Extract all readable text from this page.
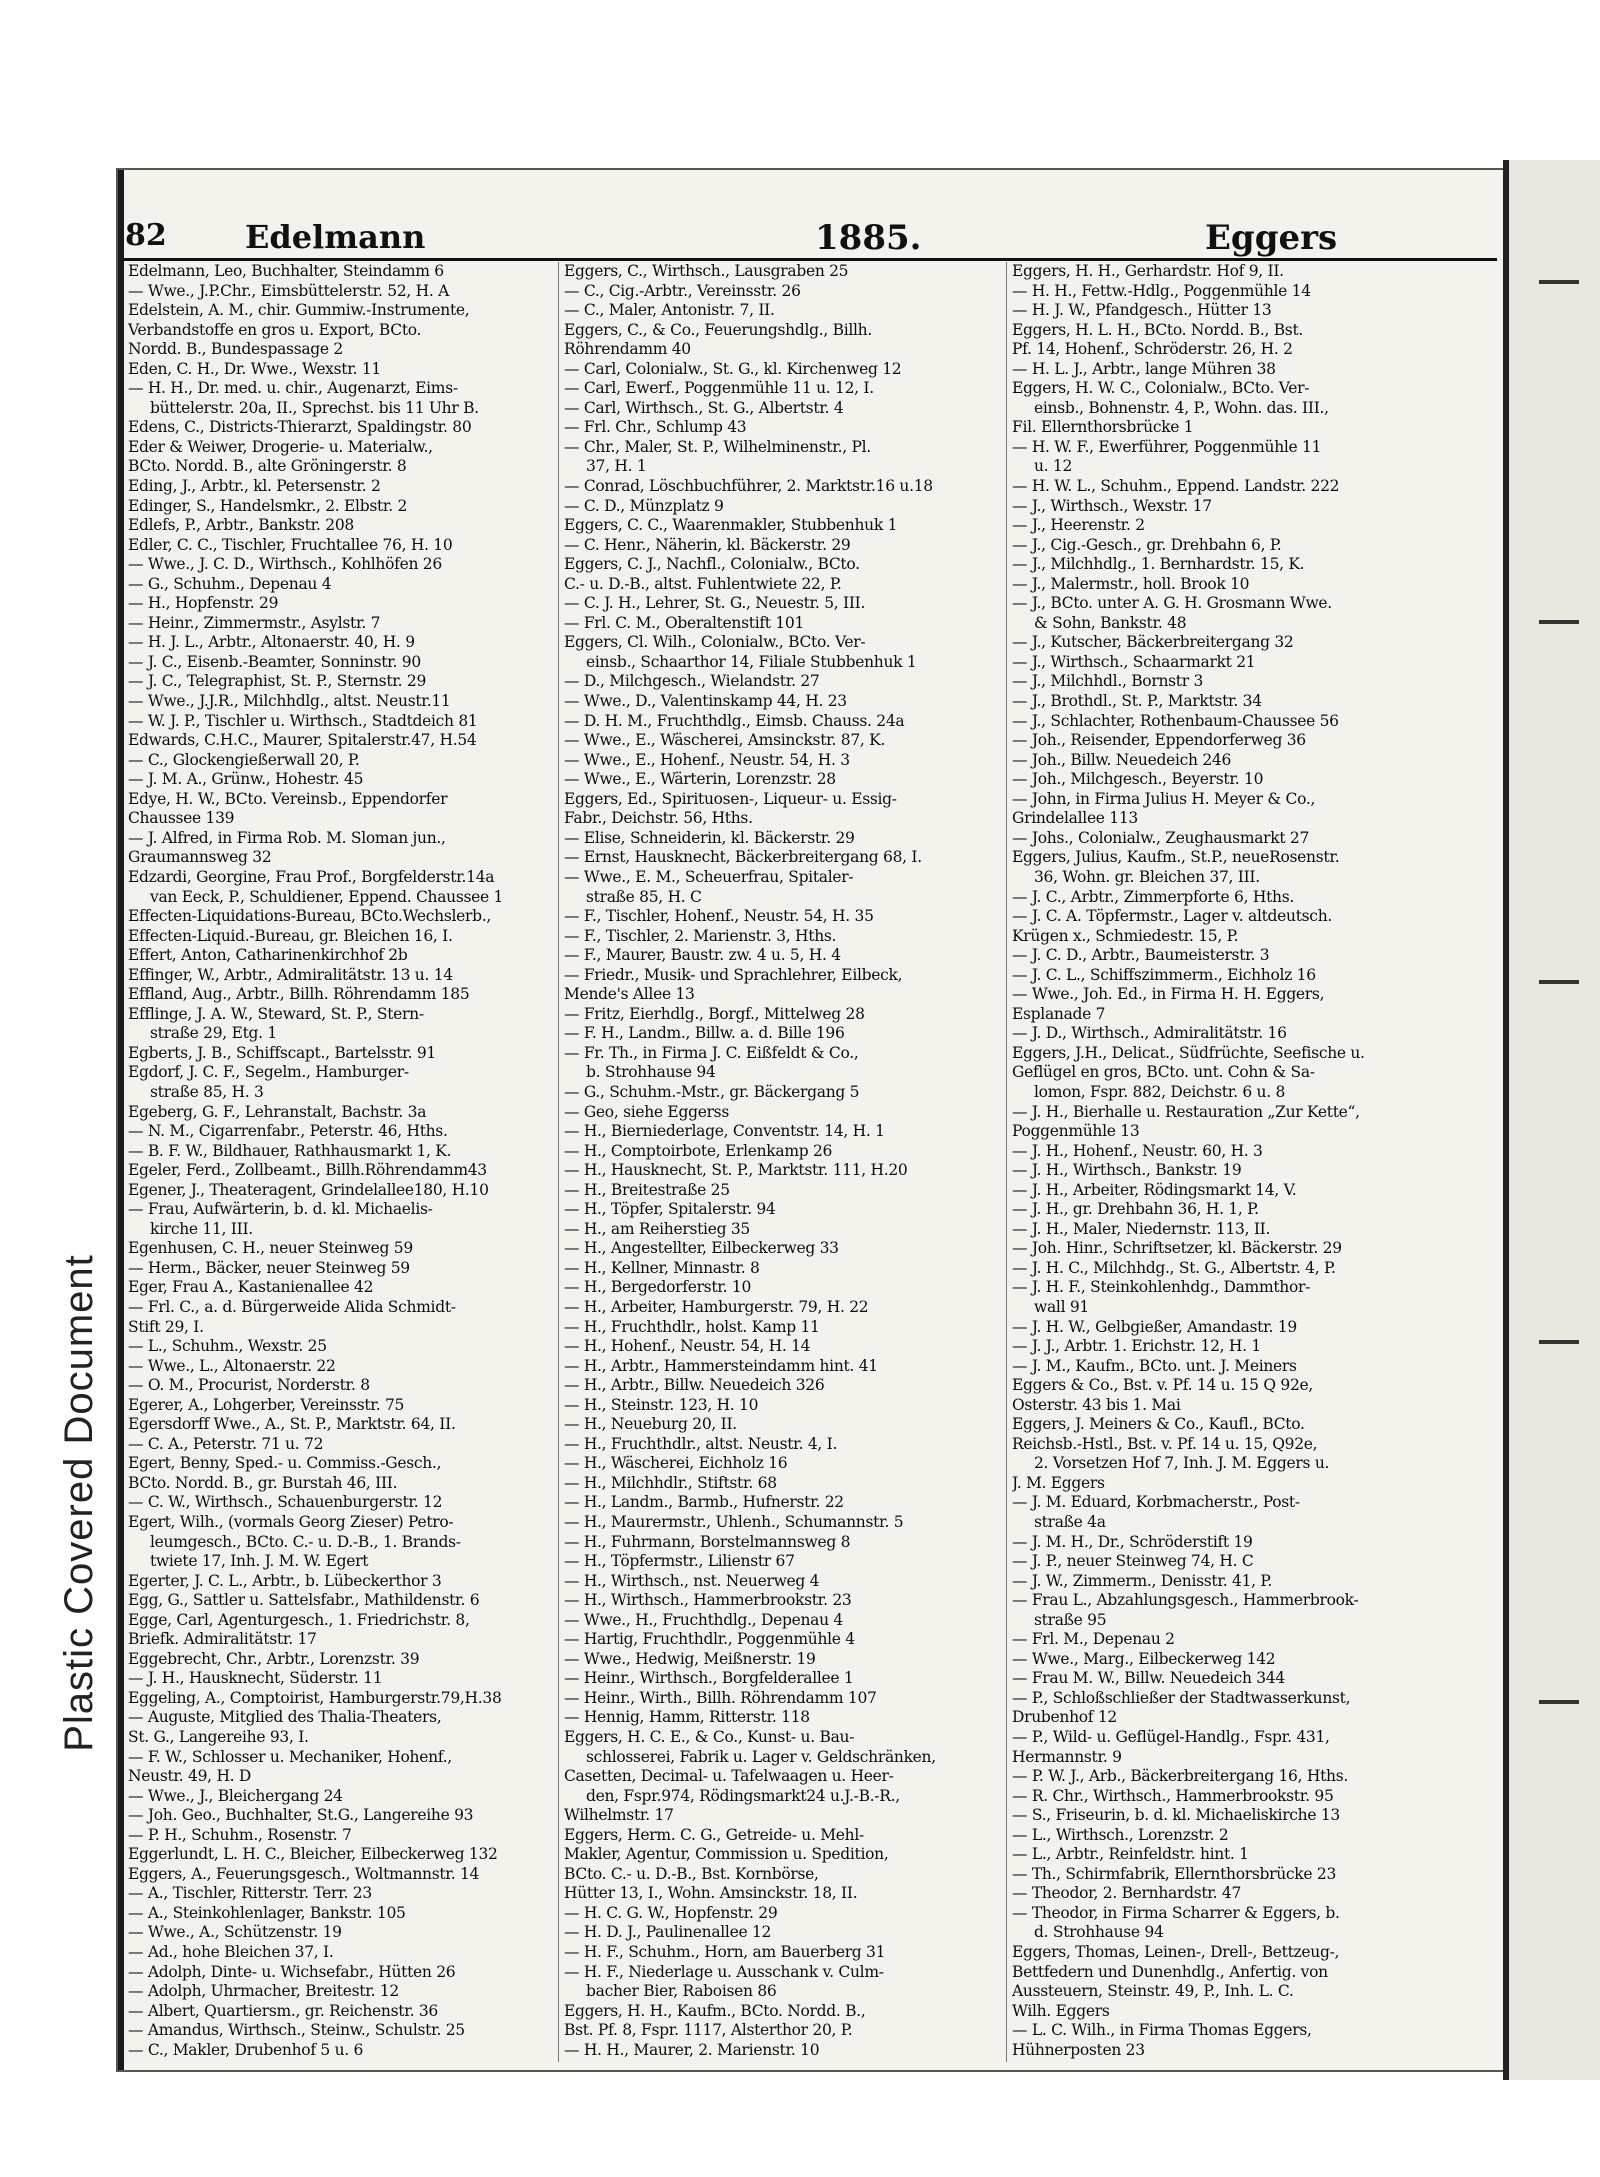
Plastic Covered Document
82 Edelmann	1885.	Eggers
Edelmann, Leo, Buchhalter, Steindamm 6
— Wwe., J.P.Chr., Eimsbüttelerstr. 52, H. A
Edelstein, A. M., chir. Gummiw.-Instrumente,
Verbandstoffe en gros u. Export, BCto.
Nordd. B., Bundespassage 2
Eden, C. H., Dr. Wwe., Wexstr. 11
— H. H., Dr. med. u. chir., Augenarzt, Eims-
büttelerstr. 20a, II., Sprechst. bis 11 Uhr B.
Edens, C., Districts-Thierarzt, Spaldingstr. 80
Eder & Weiwer, Drogerie- u. Materialw.,
BCto. Nordd. B., alte Gröningerstr. 8
Eding, J., Arbtr., kl. Petersenstr. 2
Edinger, S., Handelsmkr., 2. Elbstr. 2
Edlefs, P., Arbtr., Bankstr. 208
Edler, C. C., Tischler, Fruchtallee 76, H. 10
— Wwe., J. C. D., Wirthsch., Kohlhöfen 26
— G., Schuhm., Depenau 4
— H., Hopfenstr. 29
— Heinr., Zimmermstr., Asylstr. 7
— H. J. L., Arbtr., Altonaerstr. 40, H. 9
— J. C., Eisenb.-Beamter, Sonninstr. 90
— J. C., Telegraphist, St. P., Sternstr. 29
— Wwe., J.J.R., Milchhdlg., altst. Neustr.11
— W. J. P., Tischler u. Wirthsch., Stadtdeich 81
Edwards, C.H.C., Maurer, Spitalerstr.47, H.54
— C., Glockengießerwall 20, P.
— J. M. A., Grünw., Hohestr. 45
Edye, H. W., BCto. Vereinsb., Eppendorfer
Chaussee 139
— J. Alfred, in Firma Rob. M. Sloman jun.,
Graumannsweg 32
Edzardi, Georgine, Frau Prof., Borgfelderstr.14a
van Eeck, P., Schuldiener, Eppend. Chaussee 1
Effecten-Liquidations-Bureau, BCto.Wechslerb.,
Effecten-Liquid.-Bureau, gr. Bleichen 16, I.
Effert, Anton, Catharinenkirchhof 2b
Effinger, W., Arbtr., Admiralitätstr. 13 u. 14
Effland, Aug., Arbtr., Billh. Röhrendamm 185
Efflinge, J. A. W., Steward, St. P., Stern-
straße 29, Etg. 1
Egberts, J. B., Schiffscapt., Bartelsstr. 91
Egdorf, J. C. F., Segelm., Hamburger-
straße 85, H. 3
Egeberg, G. F., Lehranstalt, Bachstr. 3a
— N. M., Cigarrenfabr., Peterstr. 46, Hths.
— B. F. W., Bildhauer, Rathhausmarkt 1, K.
Egeler, Ferd., Zollbeamt., Billh.Röhrendamm43
Egener, J., Theateragent, Grindelallee180, H.10
— Frau, Aufwärterin, b. d. kl. Michaelis-
kirche 11, III.
Egenhusen, C. H., neuer Steinweg 59
— Herm., Bäcker, neuer Steinweg 59
Eger, Frau A., Kastanienallee 42
— Frl. C., a. d. Bürgerweide Alida Schmidt-
Stift 29, I.
— L., Schuhm., Wexstr. 25
— Wwe., L., Altonaerstr. 22
— O. M., Procurist, Norderstr. 8
Egerer, A., Lohgerber, Vereinsstr. 75
Egersdorff Wwe., A., St. P., Marktstr. 64, II.
— C. A., Peterstr. 71 u. 72
Egert, Benny, Sped.- u. Commiss.-Gesch.,
BCto. Nordd. B., gr. Burstah 46, III.
— C. W., Wirthsch., Schauenburgerstr. 12
Egert, Wilh., (vormals Georg Zieser) Petro-
leumgesch., BCto. C.- u. D.-B., 1. Brands-
twiete 17, Inh. J. M. W. Egert
Egerter, J. C. L., Arbtr., b. Lübeckerthor 3
Egg, G., Sattler u. Sattelsfabr., Mathildenstr. 6
Egge, Carl, Agenturgesch., 1. Friedrichstr. 8,
Briefk. Admiralitätstr. 17
Eggebrecht, Chr., Arbtr., Lorenzstr. 39
— J. H., Hausknecht, Süderstr. 11
Eggeling, A., Comptoirist, Hamburgerstr.79,H.38
— Auguste, Mitglied des Thalia-Theaters,
St. G., Langereihe 93, I.
— F. W., Schlosser u. Mechaniker, Hohenf.,
Neustr. 49, H. D
— Wwe., J., Bleichergang 24
— Joh. Geo., Buchhalter, St.G., Langereihe 93
— P. H., Schuhm., Rosenstr. 7
Eggerlundt, L. H. C., Bleicher, Eilbeckerweg 132
Eggers, A., Feuerungsgesch., Woltmannstr. 14
— A., Tischler, Ritterstr. Terr. 23
— A., Steinkohlenlager, Bankstr. 105
— Wwe., A., Schützenstr. 19
— Ad., hohe Bleichen 37, I.
— Adolph, Dinte- u. Wichsefabr., Hütten 26
— Adolph, Uhrmacher, Breitestr. 12
— Albert, Quartiersm., gr. Reichenstr. 36
— Amandus, Wirthsch., Steinw., Schulstr. 25
— C., Makler, Drubenhof 5 u. 6
Eggers, C., Wirthsch., Lausgraben 25
— C., Cig.-Arbtr., Vereinsstr. 26
— C., Maler, Antonistr. 7, II.
Eggers, C., & Co., Feuerungshdlg., Billh.
Röhrendamm 40
— Carl, Colonialw., St. G., kl. Kirchenweg 12
— Carl, Ewerf., Poggenmühle 11 u. 12, I.
— Carl, Wirthsch., St. G., Albertstr. 4
— Frl. Chr., Schlump 43
— Chr., Maler, St. P., Wilhelminenstr., Pl.
37, H. 1
— Conrad, Löschbuchführer, 2. Marktstr.16 u.18
— C. D., Münzplatz 9
Eggers, C. C., Waarenmakler, Stubbenhuk 1
— C. Henr., Näherin, kl. Bäckerstr. 29
Eggers, C. J., Nachfl., Colonialw., BCto.
C.- u. D.-B., altst. Fuhlentwiete 22, P.
— C. J. H., Lehrer, St. G., Neuestr. 5, III.
— Frl. C. M., Oberaltenstift 101
Eggers, Cl. Wilh., Colonialw., BCto. Ver-
einsb., Schaarthor 14, Filiale Stubbenhuk 1
— D., Milchgesch., Wielandstr. 27
— Wwe., D., Valentinskamp 44, H. 23
— D. H. M., Fruchthdlg., Eimsb. Chauss. 24a
— Wwe., E., Wäscherei, Amsinckstr. 87, K.
— Wwe., E., Hohenf., Neustr. 54, H. 3
— Wwe., E., Wärterin, Lorenzstr. 28
Eggers, Ed., Spirituosen-, Liqueur- u. Essig-
Fabr., Deichstr. 56, Hths.
— Elise, Schneiderin, kl. Bäckerstr. 29
— Ernst, Hausknecht, Bäckerbreitergang 68, I.
— Wwe., E. M., Scheuerfrau, Spitaler-
straße 85, H. C
— F., Tischler, Hohenf., Neustr. 54, H. 35
— F., Tischler, 2. Marienstr. 3, Hths.
— F., Maurer, Baustr. zw. 4 u. 5, H. 4
— Friedr., Musik- und Sprachlehrer, Eilbeck,
Mende's Allee 13
— Fritz, Eierhdlg., Borgf., Mittelweg 28
— F. H., Landm., Billw. a. d. Bille 196
— Fr. Th., in Firma J. C. Eißfeldt & Co.,
b. Strohhause 94
— G., Schuhm.-Mstr., gr. Bäckergang 5
— Geo, siehe Eggerss
— H., Bierniederlage, Conventstr. 14, H. 1
— H., Comptoirbote, Erlenkamp 26
— H., Hausknecht, St. P., Marktstr. 111, H.20
— H., Breitestraße 25
— H., Töpfer, Spitalerstr. 94
— H., am Reiherstieg 35
— H., Angestellter, Eilbeckerweg 33
— H., Kellner, Minnastr. 8
— H., Bergedorferstr. 10
— H., Arbeiter, Hamburgerstr. 79, H. 22
— H., Fruchthdlr., holst. Kamp 11
— H., Hohenf., Neustr. 54, H. 14
— H., Arbtr., Hammersteindamm hint. 41
— H., Arbtr., Billw. Neuedeich 326
— H., Steinstr. 123, H. 10
— H., Neueburg 20, II.
— H., Fruchthdlr., altst. Neustr. 4, I.
— H., Wäscherei, Eichholz 16
— H., Milchhdlr., Stiftstr. 68
— H., Landm., Barmb., Hufnerstr. 22
— H., Maurermstr., Uhlenh., Schumannstr. 5
— H., Fuhrmann, Borstelmannsweg 8
— H., Töpfermstr., Lilienstr 67
— H., Wirthsch., nst. Neuerweg 4
— H., Wirthsch., Hammerbrookstr. 23
— Wwe., H., Fruchthdlg., Depenau 4
— Hartig, Fruchthdlr., Poggenmühle 4
— Wwe., Hedwig, Meißnerstr. 19
— Heinr., Wirthsch., Borgfelderallee 1
— Heinr., Wirth., Billh. Röhrendamm 107
— Hennig, Hamm, Ritterstr. 118
Eggers, H. C. E., & Co., Kunst- u. Bau-
schlosserei, Fabrik u. Lager v. Geldschränken,
Casetten, Decimal- u. Tafelwaagen u. Heer-
den, Fspr.974, Rödingsmarkt24 u.J.-B.-R.,
Wilhelmstr. 17
Eggers, Herm. C. G., Getreide- u. Mehl-
Makler, Agentur, Commission u. Spedition,
BCto. C.- u. D.-B., Bst. Kornbörse,
Hütter 13, I., Wohn. Amsinckstr. 18, II.
— H. C. G. W., Hopfenstr. 29
— H. D. J., Paulinenallee 12
— H. F., Schuhm., Horn, am Bauerberg 31
— H. F., Niederlage u. Ausschank v. Culm-
bacher Bier, Raboisen 86
Eggers, H. H., Kaufm., BCto. Nordd. B.,
Bst. Pf. 8, Fspr. 1117, Alsterthor 20, P.
— H. H., Maurer, 2. Marienstr. 10
Eggers, H. H., Gerhardstr. Hof 9, II.
— H. H., Fettw.-Hdlg., Poggenmühle 14
— H. J. W., Pfandgesch., Hütter 13
Eggers, H. L. H., BCto. Nordd. B., Bst.
Pf. 14, Hohenf., Schröderstr. 26, H. 2
— H. L. J., Arbtr., lange Mühren 38
Eggers, H. W. C., Colonialw., BCto. Ver-
einsb., Bohnenstr. 4, P., Wohn. das. III.,
Fil. Ellernthorsbrücke 1
— H. W. F., Ewerführer, Poggenmühle 11
u. 12
— H. W. L., Schuhm., Eppend. Landstr. 222
— J., Wirthsch., Wexstr. 17
— J., Heerenstr. 2
— J., Cig.-Gesch., gr. Drehbahn 6, P.
— J., Milchhdlg., 1. Bernhardstr. 15, K.
— J., Malermstr., holl. Brook 10
— J., BCto. unter A. G. H. Grosmann Wwe.
& Sohn, Bankstr. 48
— J., Kutscher, Bäckerbreitergang 32
— J., Wirthsch., Schaarmarkt 21
— J., Milchhdl., Bornstr 3
— J., Brothdl., St. P., Marktstr. 34
— J., Schlachter, Rothenbaum-Chaussee 56
— Joh., Reisender, Eppendorferweg 36
— Joh., Billw. Neuedeich 246
— Joh., Milchgesch., Beyerstr. 10
— John, in Firma Julius H. Meyer & Co.,
Grindelallee 113
— Johs., Colonialw., Zeughausmarkt 27
Eggers, Julius, Kaufm., St.P., neueRosenstr.
36, Wohn. gr. Bleichen 37, III.
— J. C., Arbtr., Zimmerpforte 6, Hths.
— J. C. A. Töpfermstr., Lager v. altdeutsch.
Krügen x., Schmiedestr. 15, P.
— J. C. D., Arbtr., Baumeisterstr. 3
— J. C. L., Schiffszimmerm., Eichholz 16
— Wwe., Joh. Ed., in Firma H. H. Eggers,
Esplanade 7
— J. D., Wirthsch., Admiralitätstr. 16
Eggers, J.H., Delicat., Südfrüchte, Seefische u.
Geflügel en gros, BCto. unt. Cohn & Sa-
lomon, Fspr. 882, Deichstr. 6 u. 8
— J. H., Bierhalle u. Restauration „Zur Kette“,
Poggenmühle 13
— J. H., Hohenf., Neustr. 60, H. 3
— J. H., Wirthsch., Bankstr. 19
— J. H., Arbeiter, Rödingsmarkt 14, V.
— J. H., gr. Drehbahn 36, H. 1, P.
— J. H., Maler, Niedernstr. 113, II.
— Joh. Hinr., Schriftsetzer, kl. Bäckerstr. 29
— J. H. C., Milchhdg., St. G., Albertstr. 4, P.
— J. H. F., Steinkohlenhdg., Dammthor-
wall 91
— J. H. W., Gelbgießer, Amandastr. 19
— J. J., Arbtr. 1. Erichstr. 12, H. 1
— J. M., Kaufm., BCto. unt. J. Meiners
Eggers & Co., Bst. v. Pf. 14 u. 15 Q 92e,
Osterstr. 43 bis 1. Mai
Eggers, J. Meiners & Co., Kaufl., BCto.
Reichsb.-Hstl., Bst. v. Pf. 14 u. 15, Q92e,
2. Vorsetzen Hof 7, Inh. J. M. Eggers u.
J. M. Eggers
— J. M. Eduard, Korbmacherstr., Post-
straße 4a
— J. M. H., Dr., Schröderstift 19
— J. P., neuer Steinweg 74, H. C
— J. W., Zimmerm., Denisstr. 41, P.
— Frau L., Abzahlungsgesch., Hammerbrook-
straße 95
— Frl. M., Depenau 2
— Wwe., Marg., Eilbeckerweg 142
— Frau M. W., Billw. Neuedeich 344
— P., Schloßschließer der Stadtwasserkunst,
Drubenhof 12
— P., Wild- u. Geflügel-Handlg., Fspr. 431,
Hermannstr. 9
— P. W. J., Arb., Bäckerbreitergang 16, Hths.
— R. Chr., Wirthsch., Hammerbrookstr. 95
— S., Friseurin, b. d. kl. Michaeliskirche 13
— L., Wirthsch., Lorenzstr. 2
— L., Arbtr., Reinfeldstr. hint. 1
— Th., Schirmfabrik, Ellernthorsbrücke 23
— Theodor, 2. Bernhardstr. 47
— Theodor, in Firma Scharrer & Eggers, b.
d. Strohhause 94
Eggers, Thomas, Leinen-, Drell-, Bettzeug-,
Bettfedern und Dunenhdlg., Anfertig. von
Aussteuern, Steinstr. 49, P., Inh. L. C.
Wilh. Eggers
— L. C. Wilh., in Firma Thomas Eggers,
Hühnerposten 23
